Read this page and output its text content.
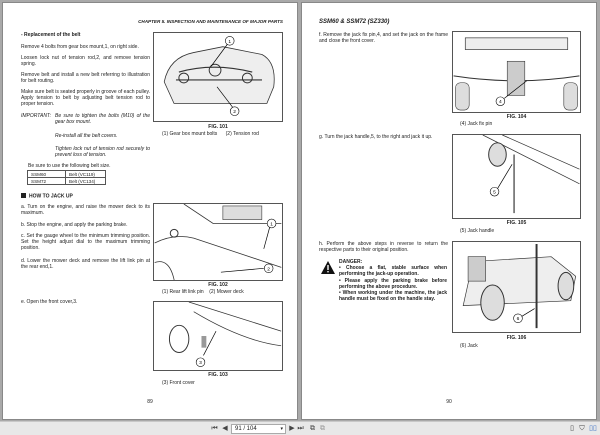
CHAPTER 5. INSPECTION AND MAINTENANCE OF MAJOR PARTS
- Replacement of the belt
Remove 4 bolts from gear box mount,1, on right side.
Loosen lock nut of tension rod,2, and remove tension spring.
Remove belt and install a new belt referring to illustration for belt routing.
Make sure belt is seated properly in groove of each pulley. Apply tension to belt by adjusting belt tension rod to proper tension.
IMPORTANT: Be sure to tighten the bolts (M10) of the gear box mount.
Re-install all the belt covers.
Tighten lock nut of tension rod securely to prevent loss of tension.
Be sure to use the following belt size.
SSM60	Belt (VC119)
SSM72	Belt (VC134)
HOW TO JACK UP
a. Turn on the engine, and raise the mower deck to its maximum.
b. Stop the engine, and apply the parking brake.
c. Set the gauge wheel to the minimum trimming position. Set the height adjust dial to the maximum trimming position.
d. Lower the mower deck and remove the lift link pin at the rear end,1.
e. Open the front cover,3.
1
2
FIG. 101
(1) Gear box mount bolts      (2) Tension rod
1
2
FIG. 102
(1) Rear lift link pin    (2) Mower deck
3
FIG. 103
(3) Front cover
89
SSM60 & SSM72 (SZ330)
f. Remove the jack fix pin,4, and set the jack on the frame and close the front cover.
g. Turn the jack handle,5, to the right and jack it up.
h. Perform the above steps in reverse to return the respective parts to their original position.
DANGER:
• Choose a flat, stable surface when performing the jack-up operation.
• Please apply the parking brake before performing the above procedure.
• When working under the machine, the jack handle must be fixed on the handle stay.
4
FIG. 104
(4) Jack fix pin
5
FIG. 105
(5) Jack handle
6
FIG. 106
(6) Jack
90
⏮ ◀	91 / 104	▾ ▶ ⏭ ⧉ ⧉	▯ ⛉ ▯▯
